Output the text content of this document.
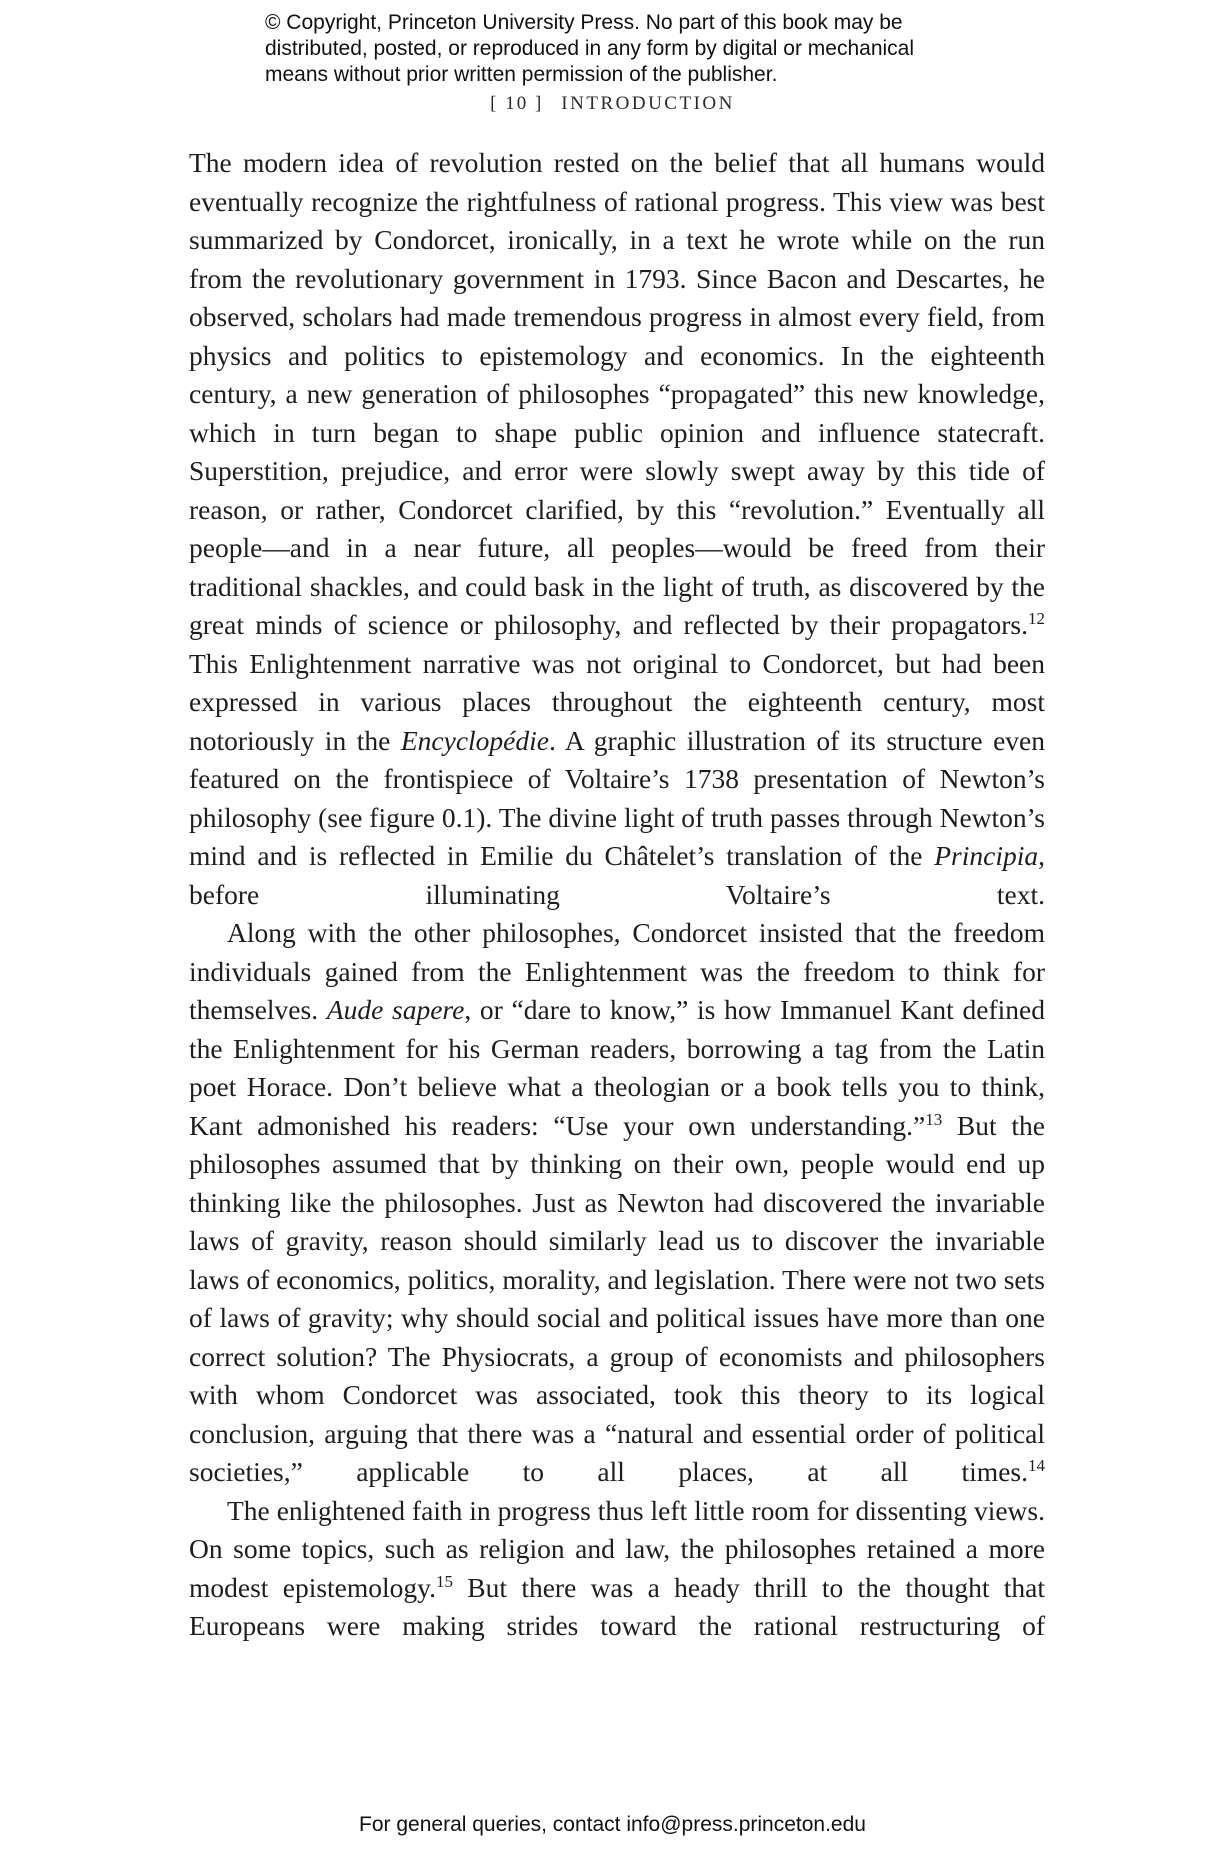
© Copyright, Princeton University Press. No part of this book may be
distributed, posted, or reproduced in any form by digital or mechanical
means without prior written permission of the publisher.
[ 10 ] INTRODUCTION

The modern idea of revolution rested on the belief that all humans would eventually recognize the rightfulness of rational progress. This view was best summarized by Condorcet, ironically, in a text he wrote while on the run from the revolutionary government in 1793. Since Bacon and Descartes, he observed, scholars had made tremendous progress in almost every field, from physics and politics to epistemology and economics. In the eighteenth century, a new generation of philosophes “propagated” this new knowledge, which in turn began to shape public opinion and influence statecraft. Superstition, prejudice, and error were slowly swept away by this tide of reason, or rather, Condorcet clarified, by this “revolution.” Eventually all people—and in a near future, all peoples—would be freed from their traditional shackles, and could bask in the light of truth, as discovered by the great minds of science or philosophy, and reflected by their propagators.$^{12}$ This Enlightenment narrative was not original to Condorcet, but had been expressed in various places throughout the eighteenth century, most notoriously in the Encyclopédie. A graphic illustration of its structure even featured on the frontispiece of Voltaire’s 1738 presentation of Newton’s philosophy (see figure 0.1). The divine light of truth passes through Newton’s mind and is reflected in Emilie du Châtelet’s translation of the Principia, before illuminating Voltaire’s text.

Along with the other philosophes, Condorcet insisted that the freedom individuals gained from the Enlightenment was the freedom to think for themselves. Aude sapere, or “dare to know,” is how Immanuel Kant defined the Enlightenment for his German readers, borrowing a tag from the Latin poet Horace. Don’t believe what a theologian or a book tells you to think, Kant admonished his readers: “Use your own understanding.”$^{13}$ But the philosophes assumed that by thinking on their own, people would end up thinking like the philosophes. Just as Newton had discovered the invariable laws of gravity, reason should similarly lead us to discover the invariable laws of economics, politics, morality, and legislation. There were not two sets of laws of gravity; why should social and political issues have more than one correct solution? The Physiocrats, a group of economists and philosophers with whom Condorcet was associated, took this theory to its logical conclusion, arguing that there was a “natural and essential order of political societies,” applicable to all places, at all times.$^{14}$

The enlightened faith in progress thus left little room for dissenting views. On some topics, such as religion and law, the philosophes retained a more modest epistemology.$^{15}$ But there was a heady thrill to the thought that Europeans were making strides toward the rational restructuring of

For general queries, contact info@press.princeton.edu
